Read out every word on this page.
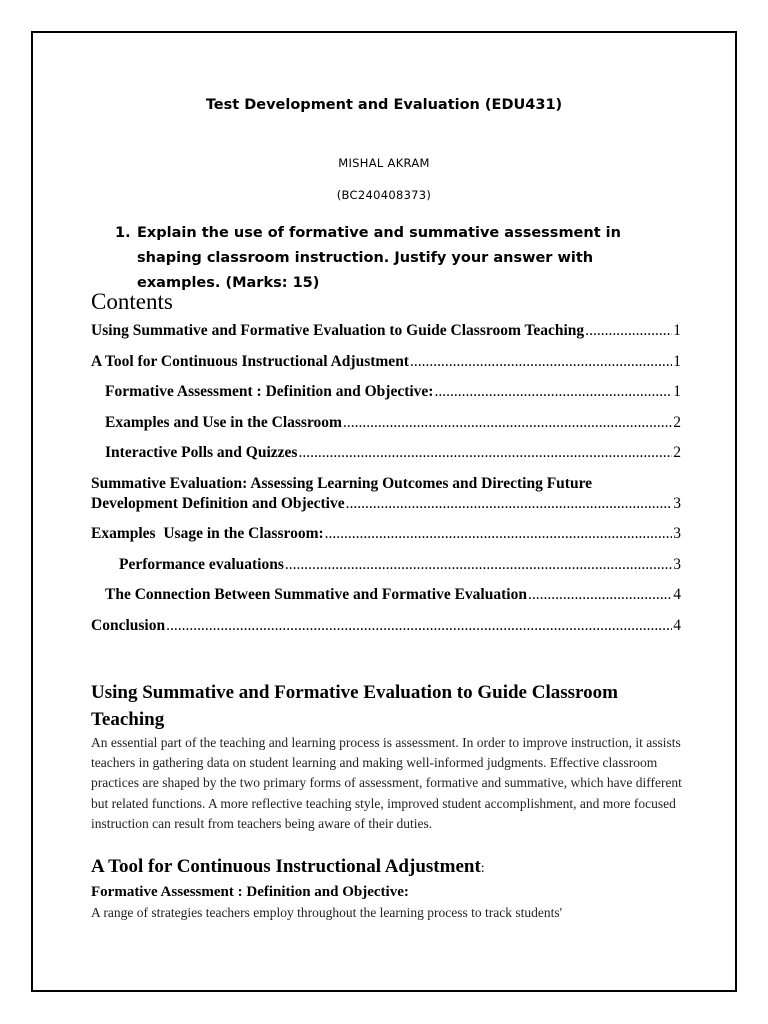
Test Development and Evaluation (EDU431)
MISHAL AKRAM
(BC240408373)
1. Explain the use of formative and summative assessment in shaping classroom instruction. Justify your answer with examples. (Marks: 15)
Contents
Using Summative and Formative Evaluation to Guide Classroom Teaching .....	1
A Tool for Continuous Instructional Adjustment .....	1
Formative Assessment : Definition and Objective: .....	1
Examples and Use in the Classroom .....	2
Interactive Polls and Quizzes .....	2
Summative Evaluation: Assessing Learning Outcomes and Directing Future
Development Definition and Objective .....	3
Examples  Usage in the Classroom: .....	3
Performance evaluations .....	3
The Connection Between Summative and Formative Evaluation .....	4
Conclusion .....	4
Using Summative and Formative Evaluation to Guide Classroom Teaching
An essential part of the teaching and learning process is assessment. In order to improve instruction, it assists teachers in gathering data on student learning and making well-informed judgments. Effective classroom practices are shaped by the two primary forms of assessment, formative and summative, which have different but related functions. A more reflective teaching style, improved student accomplishment, and more focused instruction can result from teachers being aware of their duties.
A Tool for Continuous Instructional Adjustment:
Formative Assessment : Definition and Objective:
A range of strategies teachers employ throughout the learning process to track students'
